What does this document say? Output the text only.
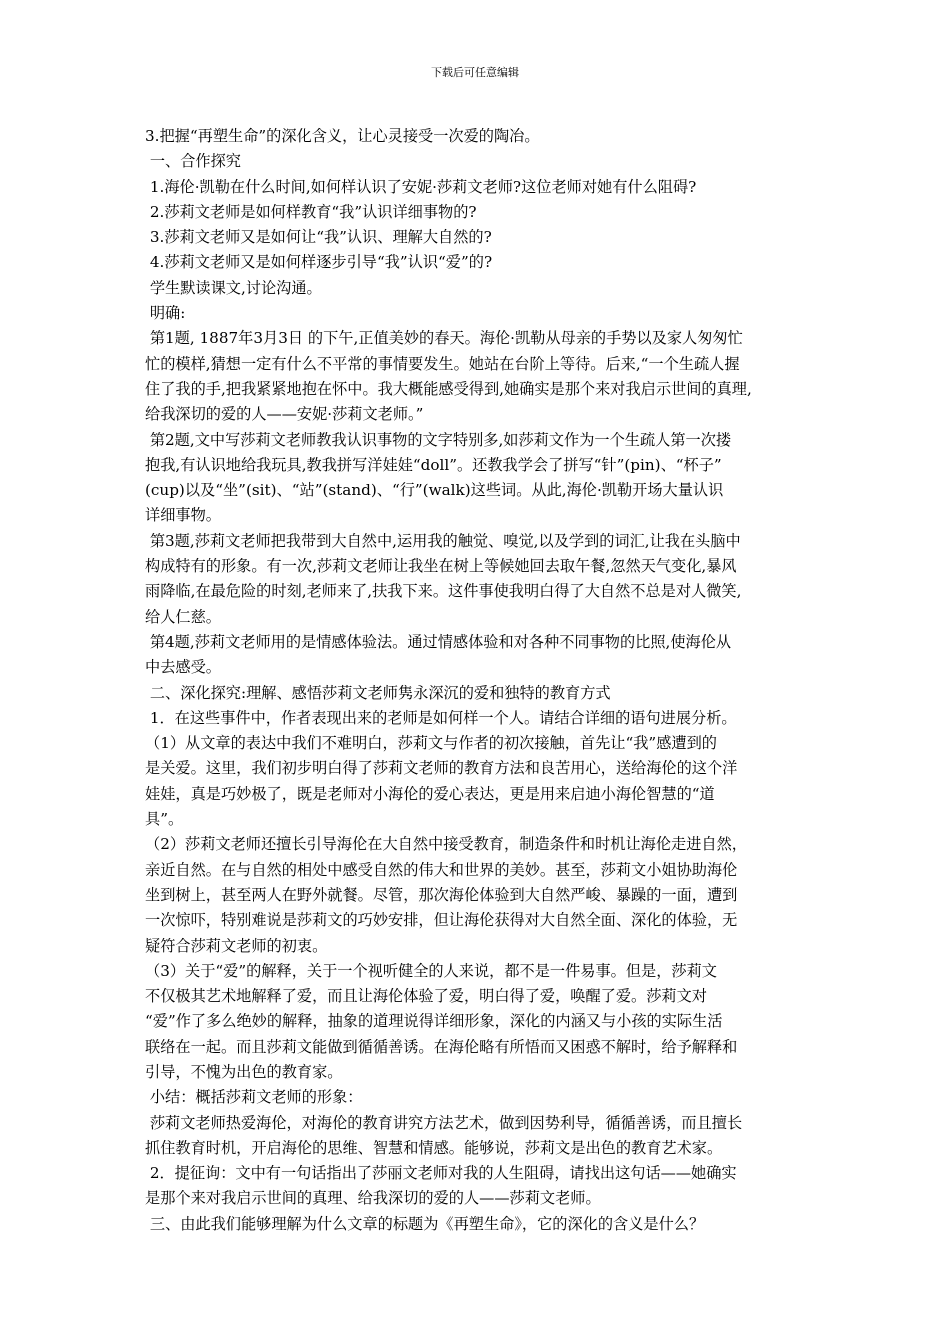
下载后可任意编辑
3.把握“再塑生命”的深化含义，让心灵接受一次爱的陶冶。
一、合作探究
1.海伦·凯勒在什么时间,如何样认识了安妮·莎莉文老师?这位老师对她有什么阻碍?
2.莎莉文老师是如何样教育“我”认识详细事物的?
3.莎莉文老师又是如何让“我”认识、理解大自然的?
4.莎莉文老师又是如何样逐步引导“我”认识“爱”的?
学生默读课文,讨论沟通。
明确:
第1题, 1887年3月3日 的下午,正值美妙的春天。海伦·凯勒从母亲的手势以及家人匆匆忙
忙的模样,猜想一定有什么不平常的事情要发生。她站在台阶上等待。后来,“一个生疏人握
住了我的手,把我紧紧地抱在怀中。我大概能感受得到,她确实是那个来对我启示世间的真理,
给我深切的爱的人——安妮·莎莉文老师。”
第2题,文中写莎莉文老师教我认识事物的文字特别多,如莎莉文作为一个生疏人第一次搂
抱我,有认识地给我玩具,教我拼写洋娃娃“doll”。还教我学会了拼写“针”(pin)、“杯子”
(cup)以及“坐”(sit)、“站”(stand)、“行”(walk)这些词。从此,海伦·凯勒开场大量认识
详细事物。
第3题,莎莉文老师把我带到大自然中,运用我的触觉、嗅觉,以及学到的词汇,让我在头脑中
构成特有的形象。有一次,莎莉文老师让我坐在树上等候她回去取午餐,忽然天气变化,暴风
雨降临,在最危险的时刻,老师来了,扶我下来。这件事使我明白得了大自然不总是对人微笑,
给人仁慈。
第4题,莎莉文老师用的是情感体验法。通过情感体验和对各种不同事物的比照,使海伦从
中去感受。
二、深化探究:理解、感悟莎莉文老师隽永深沉的爱和独特的教育方式
1．在这些事件中，作者表现出来的老师是如何样一个人。请结合详细的语句进展分析。
（1）从文章的表达中我们不难明白，莎莉文与作者的初次接触，首先让“我”感遭到的
是关爱。这里，我们初步明白得了莎莉文老师的教育方法和良苦用心，送给海伦的这个洋
娃娃，真是巧妙极了，既是老师对小海伦的爱心表达，更是用来启迪小海伦智慧的“道
具”。
（2）莎莉文老师还擅长引导海伦在大自然中接受教育，制造条件和时机让海伦走进自然，
亲近自然。在与自然的相处中感受自然的伟大和世界的美妙。甚至，莎莉文小姐协助海伦
坐到树上，甚至两人在野外就餐。尽管，那次海伦体验到大自然严峻、暴躁的一面，遭到
一次惊吓，特别难说是莎莉文的巧妙安排，但让海伦获得对大自然全面、深化的体验，无
疑符合莎莉文老师的初衷。
（3）关于“爱”的解释，关于一个视听健全的人来说，都不是一件易事。但是，莎莉文
不仅极其艺术地解释了爱，而且让海伦体验了爱，明白得了爱，唤醒了爱。莎莉文对
“爱”作了多么绝妙的解释，抽象的道理说得详细形象，深化的内涵又与小孩的实际生活
联络在一起。而且莎莉文能做到循循善诱。在海伦略有所悟而又困惑不解时，给予解释和
引导，不愧为出色的教育家。
小结：概括莎莉文老师的形象：
莎莉文老师热爱海伦，对海伦的教育讲究方法艺术，做到因势利导，循循善诱，而且擅长
抓住教育时机，开启海伦的思维、智慧和情感。能够说，莎莉文是出色的教育艺术家。
2．提征询：文中有一句话指出了莎丽文老师对我的人生阻碍，请找出这句话——她确实
是那个来对我启示世间的真理、给我深切的爱的人——莎莉文老师。
三、由此我们能够理解为什么文章的标题为《再塑生命》，它的深化的含义是什么？
